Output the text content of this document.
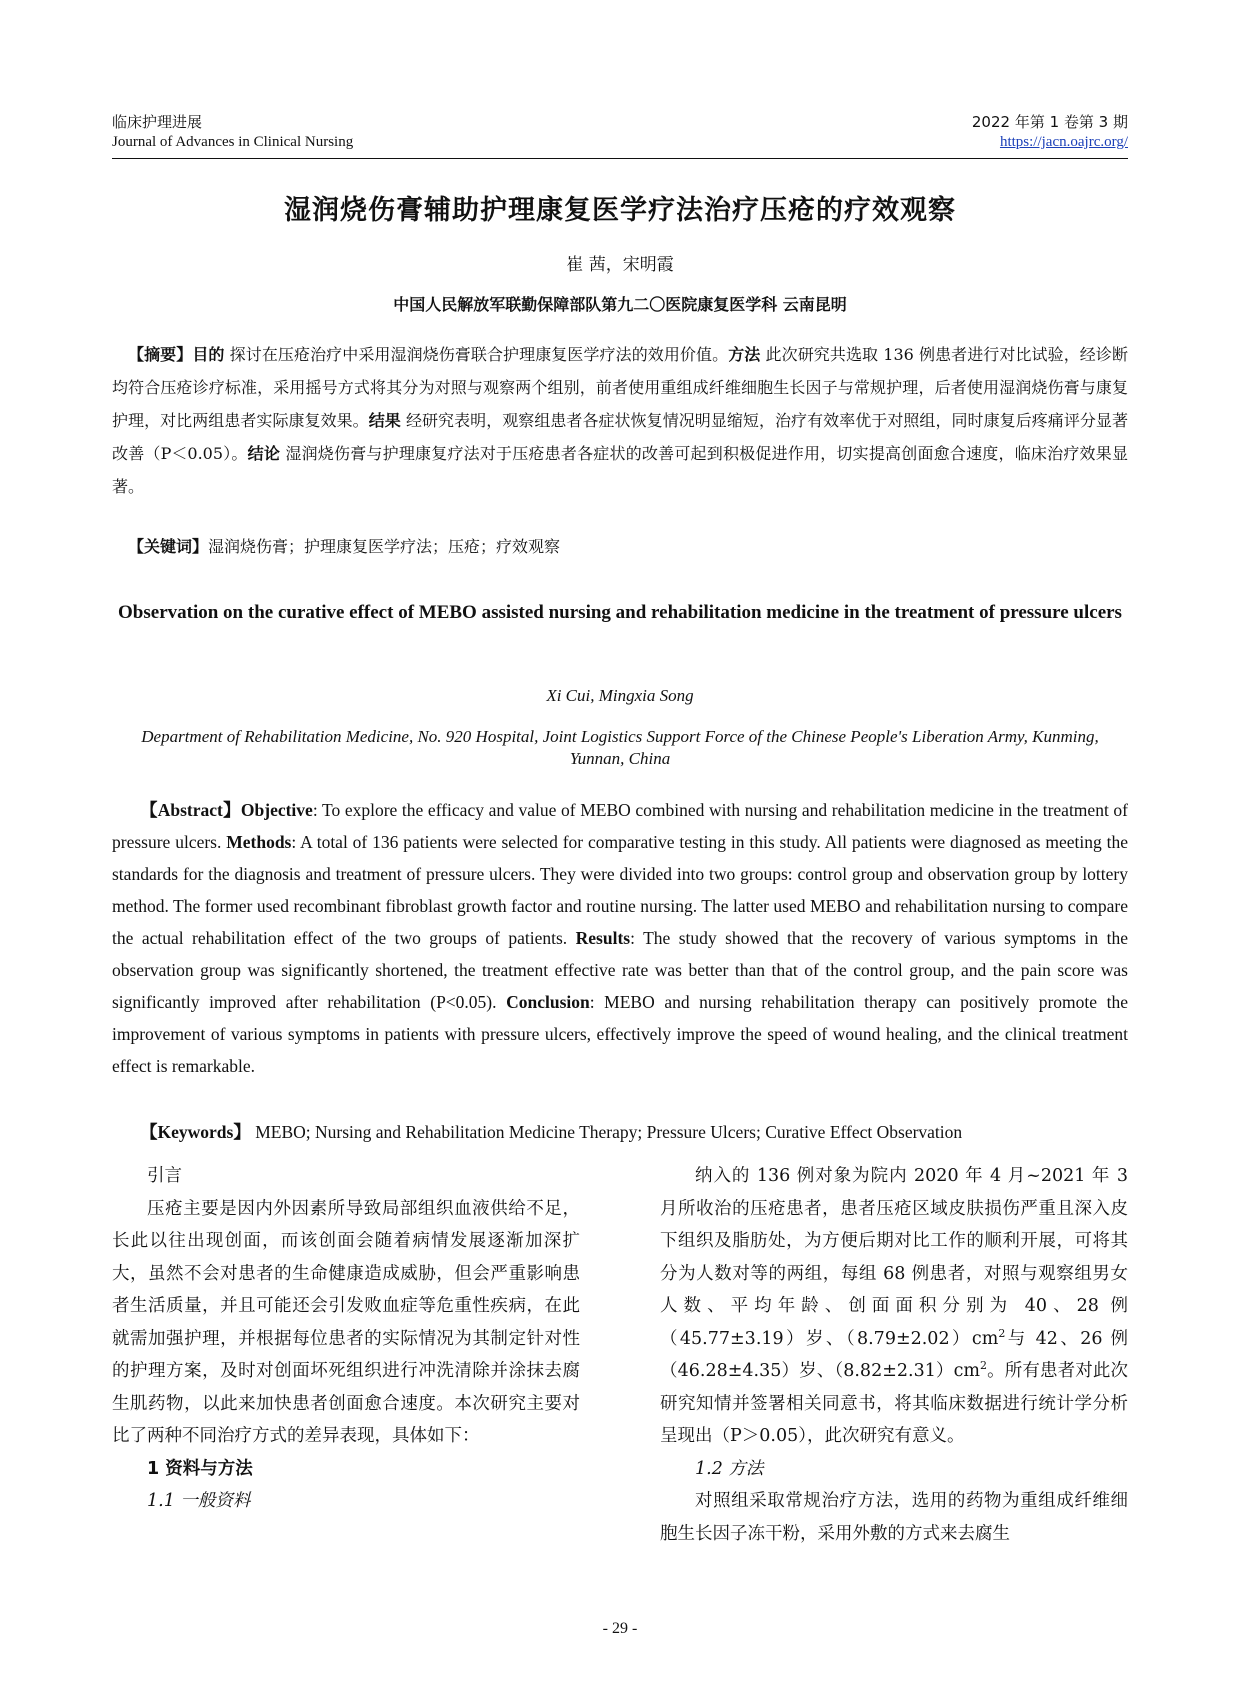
临床护理进展
Journal of Advances in Clinical Nursing
2022 年第 1 卷第 3 期
https://jacn.oajrc.org/
湿润烧伤膏辅助护理康复医学疗法治疗压疮的疗效观察
崔 茜，宋明霞
中国人民解放军联勤保障部队第九二〇医院康复医学科 云南昆明
【摘要】目的 探讨在压疮治疗中采用湿润烧伤膏联合护理康复医学疗法的效用价值。方法 此次研究共选取 136 例患者进行对比试验，经诊断均符合压疮诊疗标准，采用摇号方式将其分为对照与观察两个组别，前者使用重组成纤维细胞生长因子与常规护理，后者使用湿润烧伤膏与康复护理，对比两组患者实际康复效果。结果 经研究表明，观察组患者各症状恢复情况明显缩短，治疗有效率优于对照组，同时康复后疼痛评分显著改善（P＜0.05）。结论 湿润烧伤膏与护理康复疗法对于压疮患者各症状的改善可起到积极促进作用，切实提高创面愈合速度，临床治疗效果显著。
【关键词】湿润烧伤膏；护理康复医学疗法；压疮；疗效观察
Observation on the curative effect of MEBO assisted nursing and rehabilitation medicine in the treatment of pressure ulcers
Xi Cui, Mingxia Song
Department of Rehabilitation Medicine, No. 920 Hospital, Joint Logistics Support Force of the Chinese People's Liberation Army, Kunming, Yunnan, China
【Abstract】Objective: To explore the efficacy and value of MEBO combined with nursing and rehabilitation medicine in the treatment of pressure ulcers. Methods: A total of 136 patients were selected for comparative testing in this study. All patients were diagnosed as meeting the standards for the diagnosis and treatment of pressure ulcers. They were divided into two groups: control group and observation group by lottery method. The former used recombinant fibroblast growth factor and routine nursing. The latter used MEBO and rehabilitation nursing to compare the actual rehabilitation effect of the two groups of patients. Results: The study showed that the recovery of various symptoms in the observation group was significantly shortened, the treatment effective rate was better than that of the control group, and the pain score was significantly improved after rehabilitation (P<0.05). Conclusion: MEBO and nursing rehabilitation therapy can positively promote the improvement of various symptoms in patients with pressure ulcers, effectively improve the speed of wound healing, and the clinical treatment effect is remarkable.
【Keywords】 MEBO; Nursing and Rehabilitation Medicine Therapy; Pressure Ulcers; Curative Effect Observation
引言

压疮主要是因内外因素所导致局部组织血液供给不足，长此以往出现创面，而该创面会随着病情发展逐渐加深扩大，虽然不会对患者的生命健康造成威胁，但会严重影响患者生活质量，并且可能还会引发败血症等危重性疾病，在此就需加强护理，并根据每位患者的实际情况为其制定针对性的护理方案，及时对创面坏死组织进行冲洗清除并涂抹去腐生肌药物，以此来加快患者创面愈合速度。本次研究主要对比了两种不同治疗方式的差异表现，具体如下：

1 资料与方法
1.1 一般资料

纳入的 136 例对象为院内 2020 年 4 月~2021 年 3 月所收治的压疮患者，患者压疮区域皮肤损伤严重且深入皮下组织及脂肪处，为方便后期对比工作的顺利开展，可将其分为人数对等的两组，每组 68 例患者，对照与观察组男女人数、平均年龄、创面面积分别为 40、28 例（45.77±3.19）岁、$(8.79\pm 2.02)cm^2$与 42、26 例（46.28±4.35）岁、$(8.82\pm 2.31)cm^2$。所有患者对此次研究知情并签署相关同意书，将其临床数据进行统计学分析呈现出（P＞0.05），此次研究有意义。

1.2 方法

对照组采取常规治疗方法，选用的药物为重组成纤维细胞生长因子冻干粉，采用外敷的方式来去腐生

- 29 -
